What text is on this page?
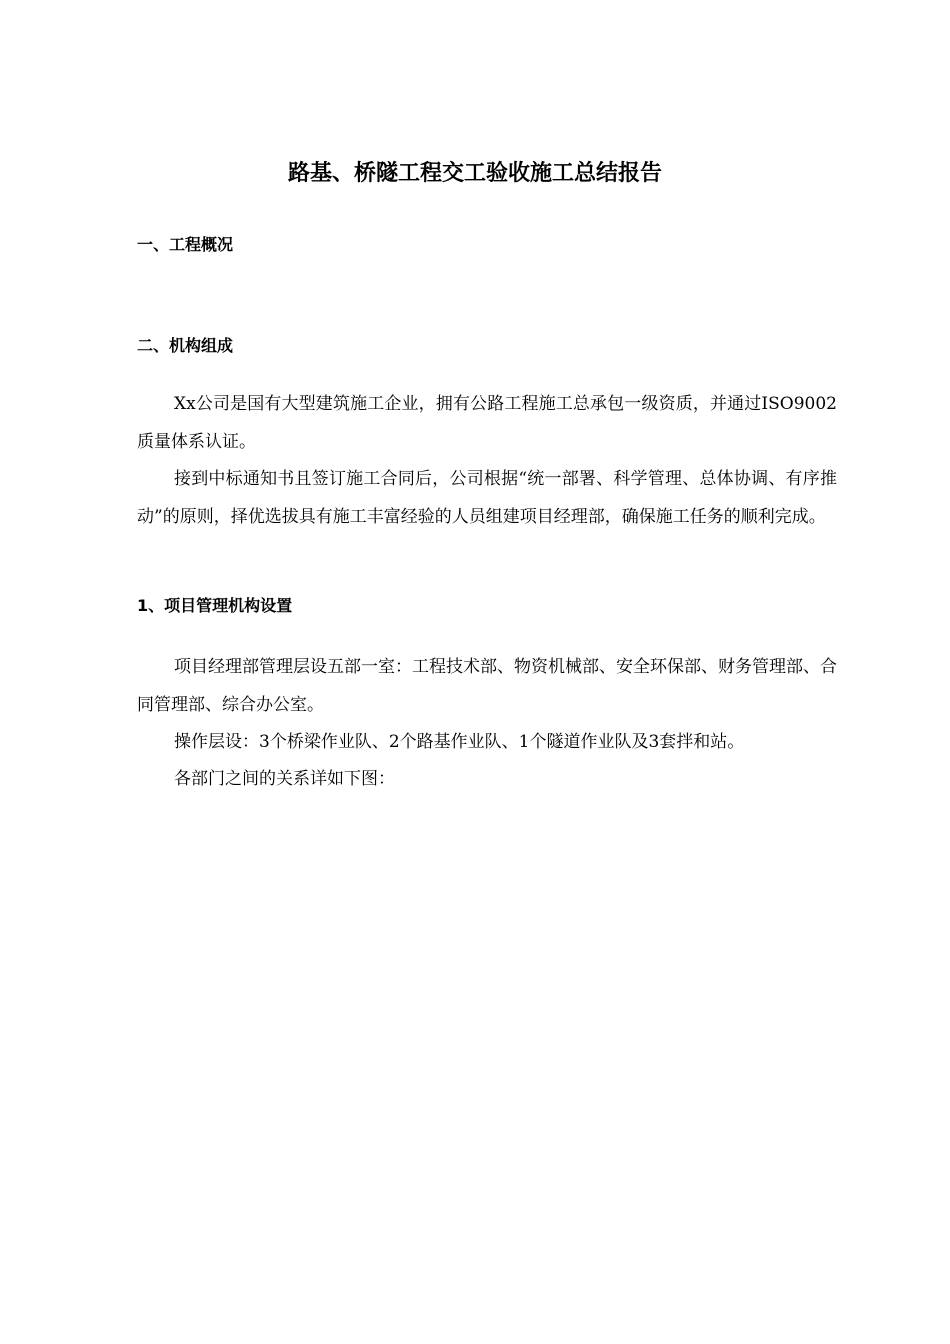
路基、桥隧工程交工验收施工总结报告
一、工程概况
二、机构组成

Xx公司是国有大型建筑施工企业，拥有公路工程施工总承包一级资质，并通过ISO9002质量体系认证。

接到中标通知书且签订施工合同后，公司根据“统一部署、科学管理、总体协调、有序推动”的原则，择优选拔具有施工丰富经验的人员组建项目经理部，确保施工任务的顺利完成。

1、项目管理机构设置

项目经理部管理层设五部一室：工程技术部、物资机械部、安全环保部、财务管理部、合同管理部、综合办公室。

操作层设：3个桥梁作业队、2个路基作业队、1个隧道作业队及3套拌和站。

各部门之间的关系详如下图：
